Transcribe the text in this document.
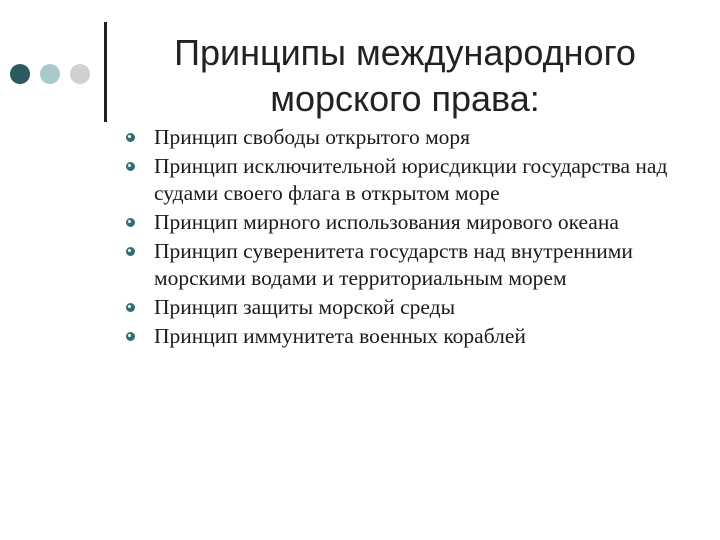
Принципы международного
морского права:
Принцип свободы открытого моря
Принцип исключительной юрисдикции государства над судами своего флага в открытом море
Принцип мирного использования мирового океана
Принцип суверенитета государств над внутренними морскими водами и территориальным морем
Принцип защиты морской среды
Принцип иммунитета военных кораблей
